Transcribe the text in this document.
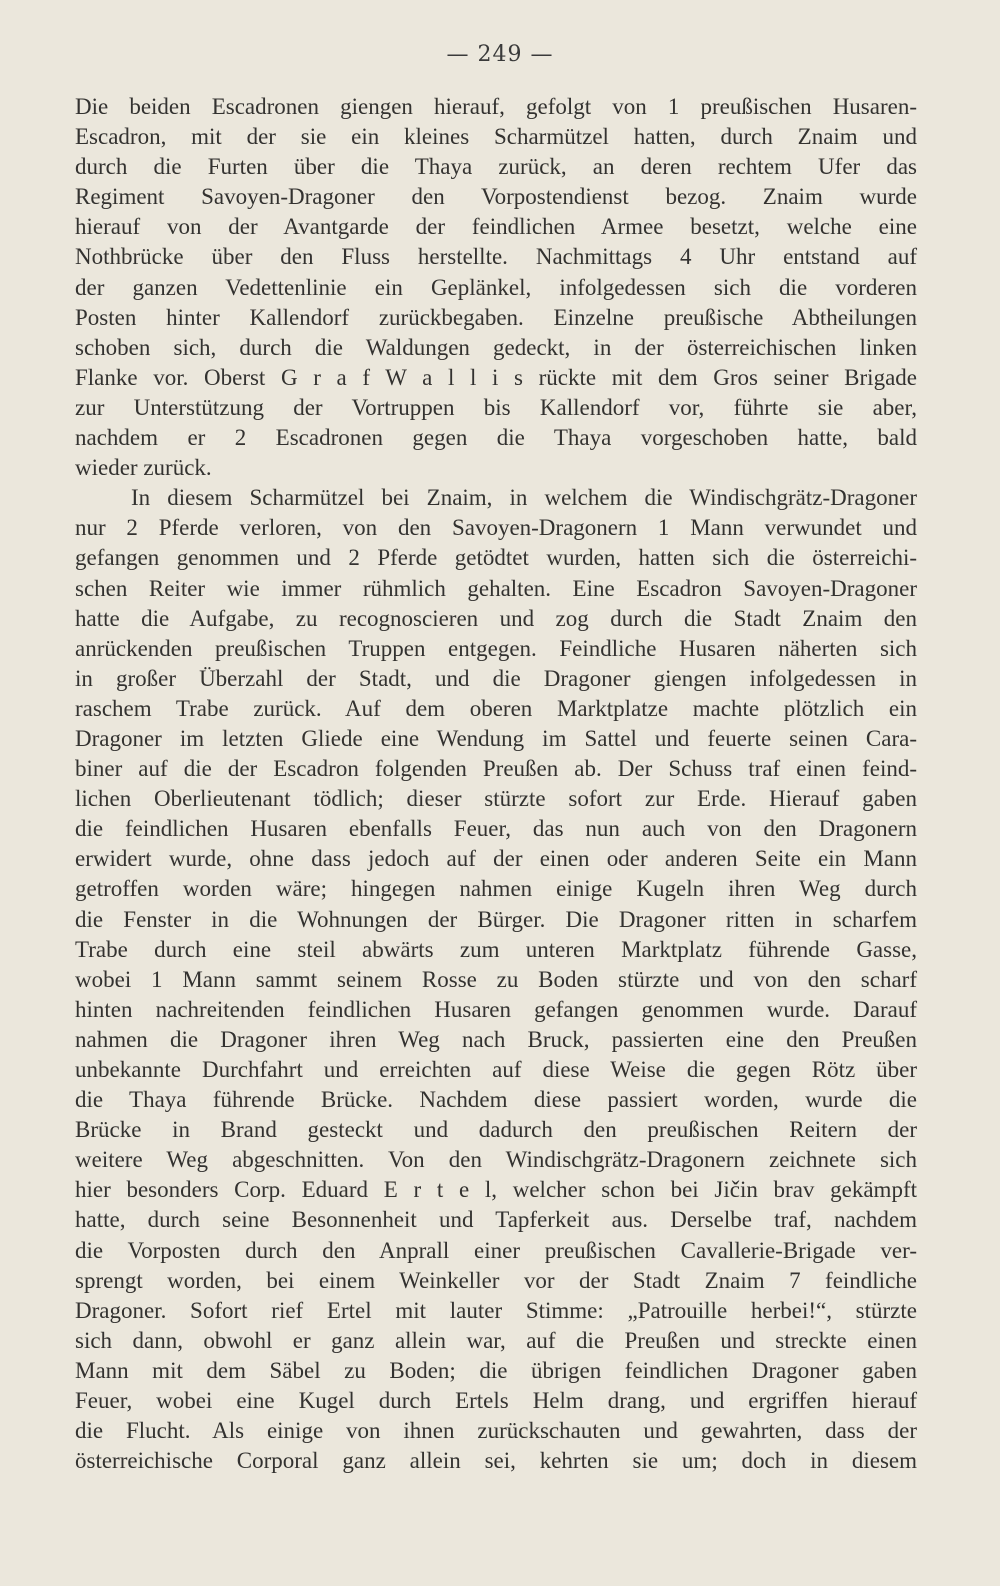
— 249 —
Die beiden Escadronen giengen hierauf, gefolgt von 1 preußischen Husaren-
Escadron, mit der sie ein kleines Scharmützel hatten, durch Znaim und
durch die Furten über die Thaya zurück, an deren rechtem Ufer das
Regiment Savoyen-Dragoner den Vorpostendienst bezog. Znaim wurde
hierauf von der Avantgarde der feindlichen Armee besetzt, welche eine
Nothbrücke über den Fluss herstellte. Nachmittags 4 Uhr entstand auf
der ganzen Vedettenlinie ein Geplänkel, infolgedessen sich die vorderen
Posten hinter Kallendorf zurückbegaben. Einzelne preußische Abtheilungen
schoben sich, durch die Waldungen gedeckt, in der österreichischen linken
Flanke vor. Oberst G r a f W a l l i s rückte mit dem Gros seiner Brigade
zur Unterstützung der Vortruppen bis Kallendorf vor, führte sie aber,
nachdem er 2 Escadronen gegen die Thaya vorgeschoben hatte, bald
wieder zurück.
In diesem Scharmützel bei Znaim, in welchem die Windischgrätz-Dragoner
nur 2 Pferde verloren, von den Savoyen-Dragonern 1 Mann verwundet und
gefangen genommen und 2 Pferde getödtet wurden, hatten sich die österreichi-
schen Reiter wie immer rühmlich gehalten. Eine Escadron Savoyen-Dragoner
hatte die Aufgabe, zu recognoscieren und zog durch die Stadt Znaim den
anrückenden preußischen Truppen entgegen. Feindliche Husaren näherten sich
in großer Überzahl der Stadt, und die Dragoner giengen infolgedessen in
raschem Trabe zurück. Auf dem oberen Marktplatze machte plötzlich ein
Dragoner im letzten Gliede eine Wendung im Sattel und feuerte seinen Cara-
biner auf die der Escadron folgenden Preußen ab. Der Schuss traf einen feind-
lichen Oberlieutenant tödlich; dieser stürzte sofort zur Erde. Hierauf gaben
die feindlichen Husaren ebenfalls Feuer, das nun auch von den Dragonern
erwidert wurde, ohne dass jedoch auf der einen oder anderen Seite ein Mann
getroffen worden wäre; hingegen nahmen einige Kugeln ihren Weg durch
die Fenster in die Wohnungen der Bürger. Die Dragoner ritten in scharfem
Trabe durch eine steil abwärts zum unteren Marktplatz führende Gasse,
wobei 1 Mann sammt seinem Rosse zu Boden stürzte und von den scharf
hinten nachreitenden feindlichen Husaren gefangen genommen wurde. Darauf
nahmen die Dragoner ihren Weg nach Bruck, passierten eine den Preußen
unbekannte Durchfahrt und erreichten auf diese Weise die gegen Rötz über
die Thaya führende Brücke. Nachdem diese passiert worden, wurde die
Brücke in Brand gesteckt und dadurch den preußischen Reitern der
weitere Weg abgeschnitten. Von den Windischgrätz-Dragonern zeichnete sich
hier besonders Corp. Eduard E r t e l, welcher schon bei Jičin brav gekämpft
hatte, durch seine Besonnenheit und Tapferkeit aus. Derselbe traf, nachdem
die Vorposten durch den Anprall einer preußischen Cavallerie-Brigade ver-
sprengt worden, bei einem Weinkeller vor der Stadt Znaim 7 feindliche
Dragoner. Sofort rief Ertel mit lauter Stimme: „Patrouille herbei!“, stürzte
sich dann, obwohl er ganz allein war, auf die Preußen und streckte einen
Mann mit dem Säbel zu Boden; die übrigen feindlichen Dragoner gaben
Feuer, wobei eine Kugel durch Ertels Helm drang, und ergriffen hierauf
die Flucht. Als einige von ihnen zurückschauten und gewahrten, dass der
österreichische Corporal ganz allein sei, kehrten sie um; doch in diesem
